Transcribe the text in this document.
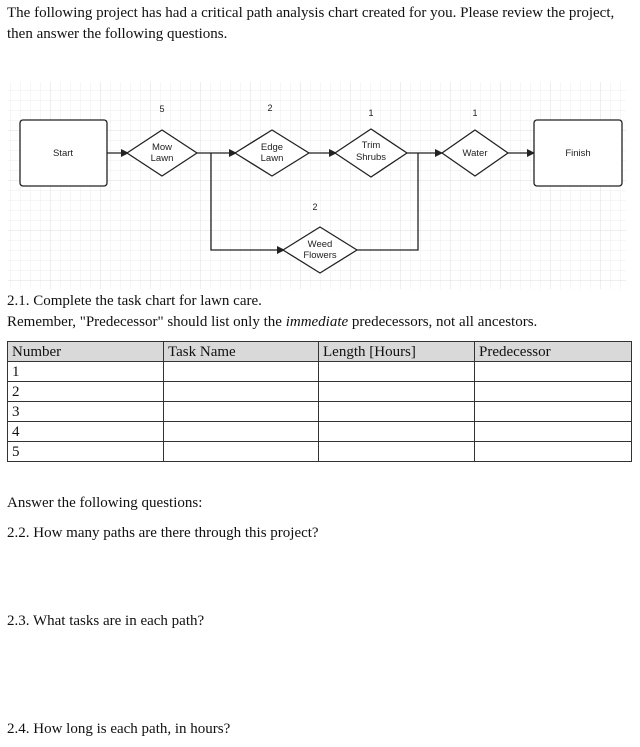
The following project has had a critical path analysis chart created for you. Please review the project, then answer the following questions.
Start	Finish
Mow
Lawn
Edge
Lawn
Trim
Shrubs	Water
Weed
Flowers
5	2	1	1
2
2.1. Complete the task chart for lawn care.
Remember, "Predecessor" should list only the immediate predecessors, not all ancestors.
Number	Task Name	Length [Hours]	Predecessor
1			
2			
3			
4			
5			
Answer the following questions:
2.2. How many paths are there through this project?
2.3. What tasks are in each path?
2.4. How long is each path, in hours?
